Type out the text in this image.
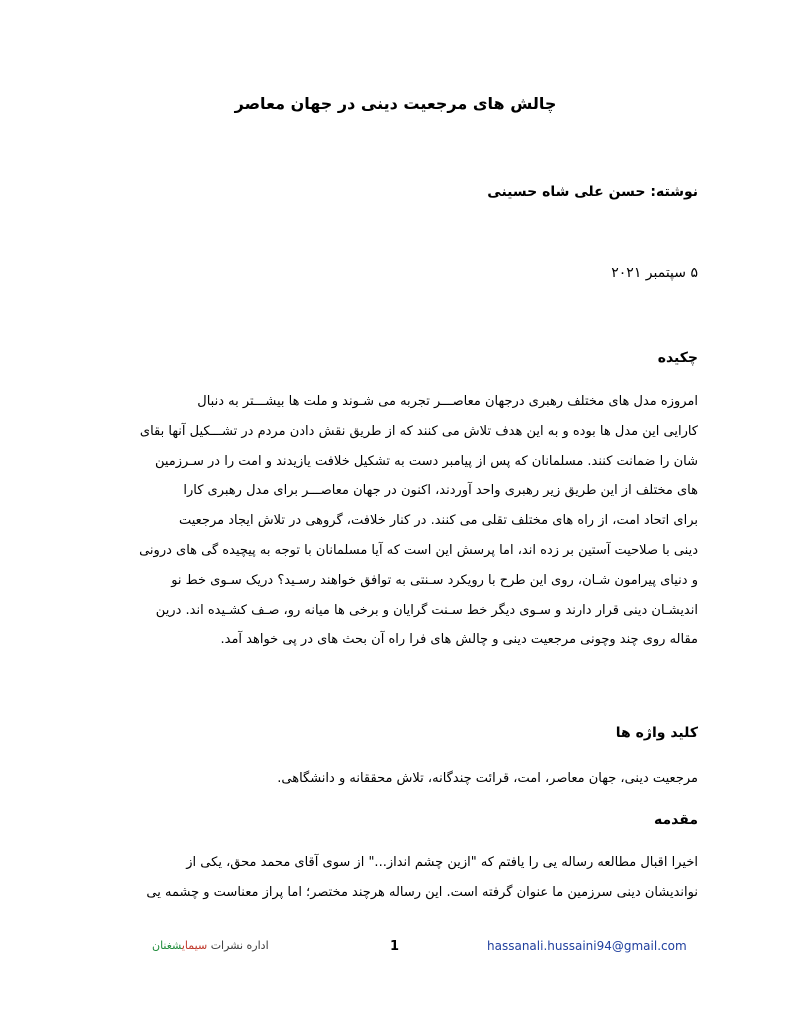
چالش های مرجعیت دینی در جهان معاصر
نوشته: حسن علی شاه حسینی
۵ سپتمبر ۲۰۲۱
چکیده
امروزه مدل های مختلف رهبری درجهان معاصـــر تجربه می شـوند و ملت ها بیشـــتر به دنبال
کارایی این مدل ها بوده و به این هدف تلاش می کنند که از طریق نقش دادن مردم در تشـــکیل آنها بقای
شان را ضمانت کنند. مسلمانان که پس از پیامبر دست به تشکیل خلافت یازیدند و امت را در سـرزمین
های مختلف از این طریق زیر رهبری واحد آوردند، اکنون در جهان معاصـــر برای مدل رهبری کارا
برای اتحاد امت، از راه های مختلف تقلی می کنند. در کنار خلافت، گروهی در تلاش ایجاد مرجعیت
دینی با صلاحیت آستین بر زده اند، اما پرسش این است که آیا مسلمانان با توجه به پیچیده گی های درونی
و دنیای پیرامون شـان، روی این طرح با رویکرد سـنتی به توافق خواهند رسـید؟ دریک سـوی خط نو
اندیشـان دینی قرار دارند و سـوی دیگر خط سـنت گرایان و برخی ها میانه رو، صـف کشـیده اند. درین
مقاله روی چند وچونی مرجعیت دینی و چالش های فرا راه آن بحث های در پی خواهد آمد.
کلید واژه ها
مرجعیت دینی، جهان معاصر، امت، قرائت چندگانه، تلاش محققانه و دانشگاهی.
مقدمه
اخیرا اقبال مطالعه رساله یی را یافتم که "ازین چشم انداز..." از سوی آقای محمد محق، یکی از
نواندیشان دینی سرزمین ما عنوان گرفته است. این رساله هرچند مختصر؛ اما پراز معناست و چشمه یی
اداره نشرات سیمایشغنان	1	hassanali.hussaini94@gmail.com
